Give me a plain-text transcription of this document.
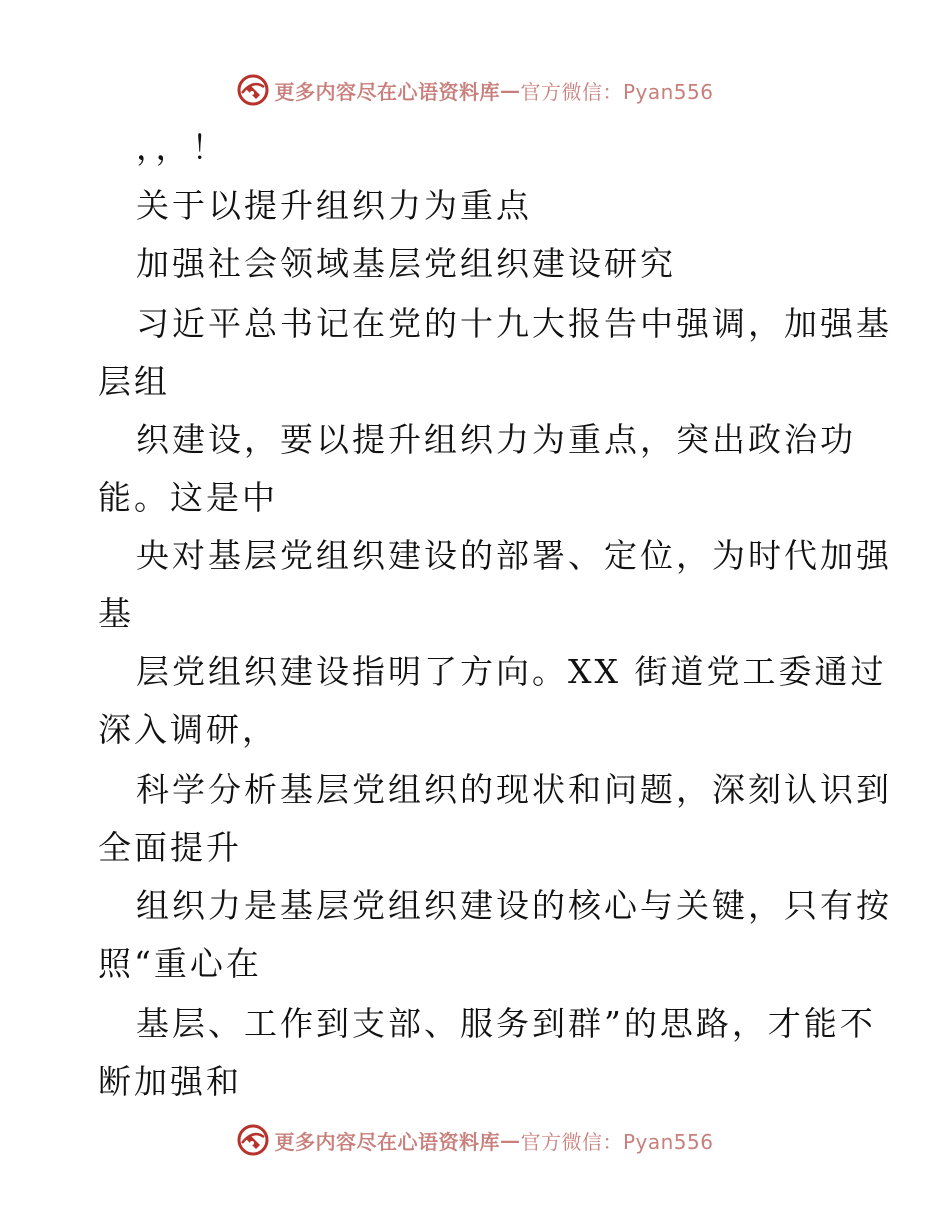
更多内容尽在心语资料库 — 官方微信：Pyan556
，，！
关于以提升组织力为重点
加强社会领域基层党组织建设研究
习近平总书记在党的十九大报告中强调，加强基
层组
织建设，要以提升组织力为重点，突出政治功
能。这是中
央对基层党组织建设的部署、定位，为时代加强
基
层党组织建设指明了方向。XX 街道党工委通过
深入调研，
科学分析基层党组织的现状和问题，深刻认识到
全面提升
组织力是基层党组织建设的核心与关键，只有按
照“重心在
基层、工作到支部、服务到群”的思路，才能不
断加强和
更多内容尽在心语资料库 — 官方微信：Pyan556
